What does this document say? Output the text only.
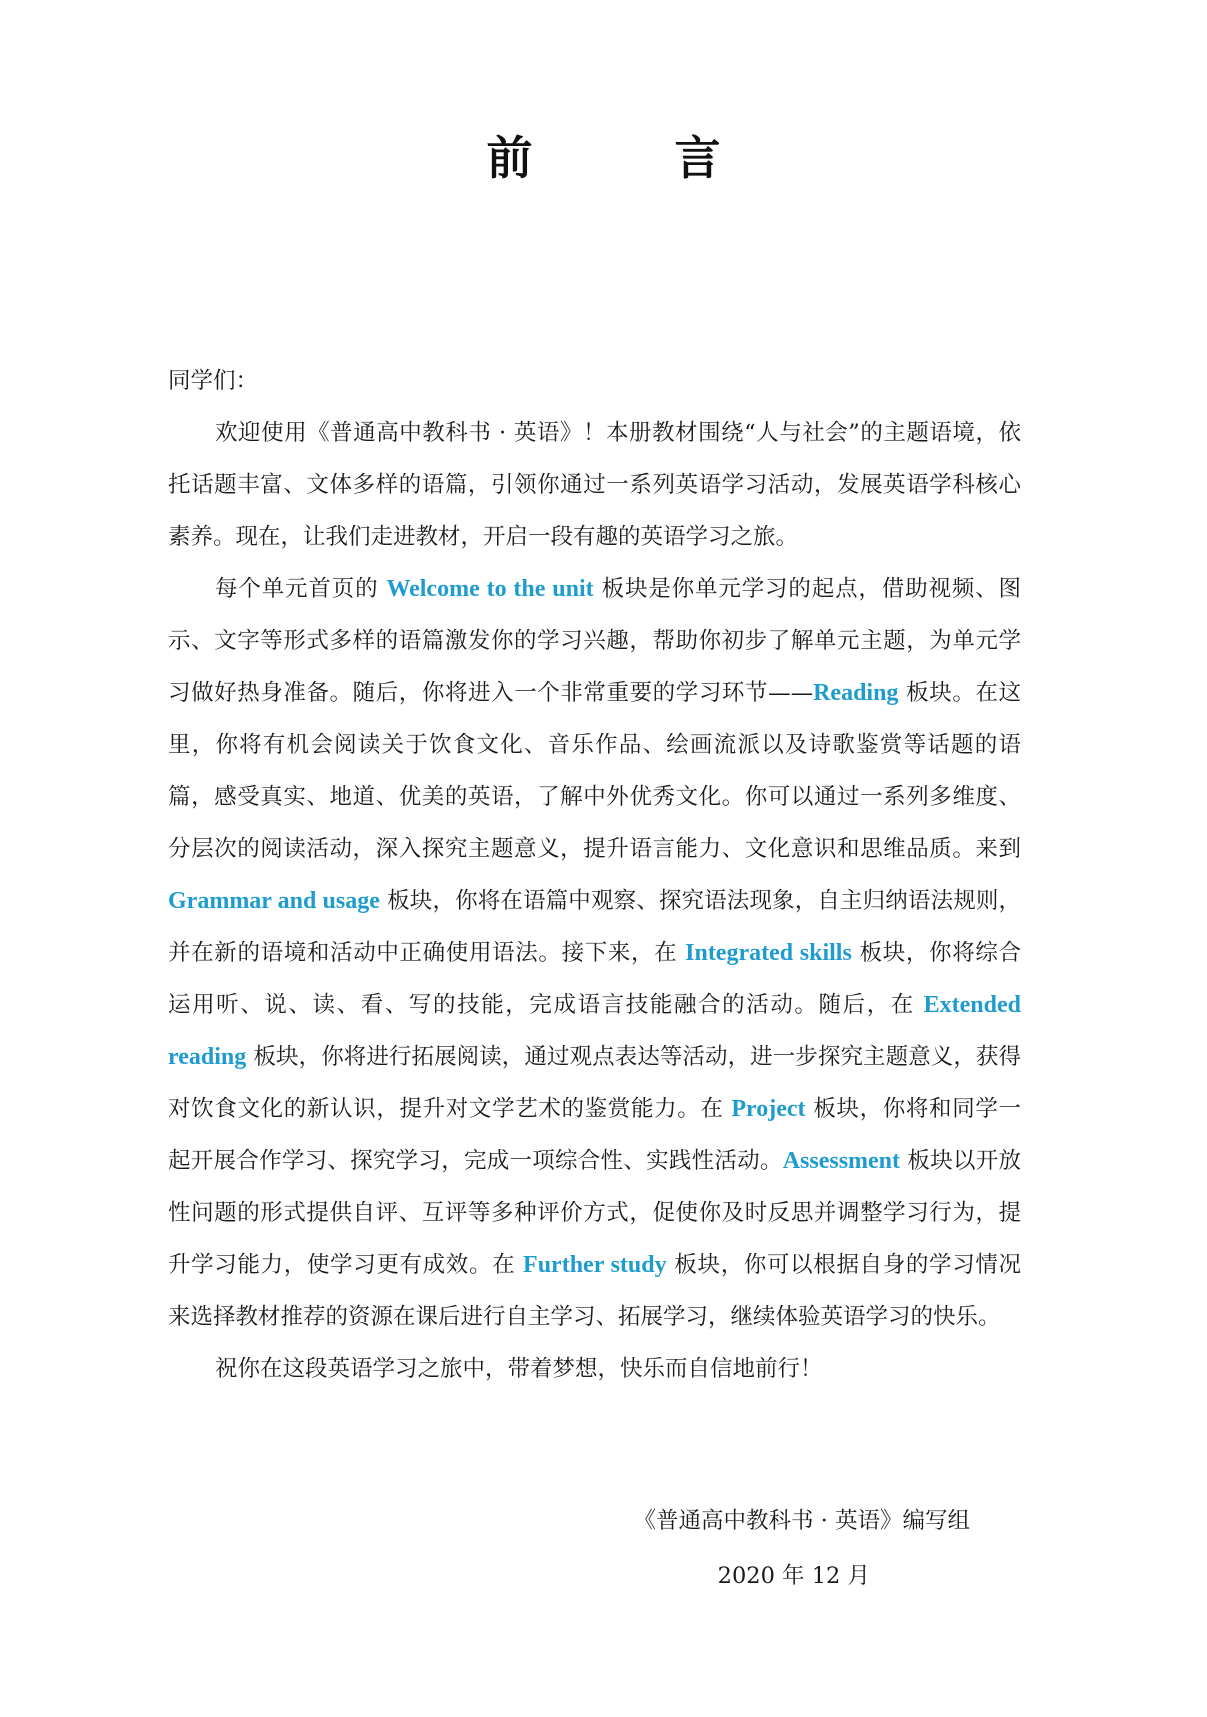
前　言

同学们：

欢迎使用《普通高中教科书 · 英语》！本册教材围绕“人与社会”的主题语境，依托话题丰富、文体多样的语篇，引领你通过一系列英语学习活动，发展英语学科核心素养。现在，让我们走进教材，开启一段有趣的英语学习之旅。

每个单元首页的 Welcome to the unit 板块是你单元学习的起点，借助视频、图示、文字等形式多样的语篇激发你的学习兴趣，帮助你初步了解单元主题，为单元学习做好热身准备。随后，你将进入一个非常重要的学习环节——Reading 板块。在这里，你将有机会阅读关于饮食文化、音乐作品、绘画流派以及诗歌鉴赏等话题的语篇，感受真实、地道、优美的英语，了解中外优秀文化。你可以通过一系列多维度、分层次的阅读活动，深入探究主题意义，提升语言能力、文化意识和思维品质。来到 Grammar and usage 板块，你将在语篇中观察、探究语法现象，自主归纳语法规则，并在新的语境和活动中正确使用语法。接下来，在 Integrated skills 板块，你将综合运用听、说、读、看、写的技能，完成语言技能融合的活动。随后，在 Extended reading 板块，你将进行拓展阅读，通过观点表达等活动，进一步探究主题意义，获得对饮食文化的新认识，提升对文学艺术的鉴赏能力。在 Project 板块，你将和同学一起开展合作学习、探究学习，完成一项综合性、实践性活动。Assessment 板块以开放性问题的形式提供自评、互评等多种评价方式，促使你及时反思并调整学习行为，提升学习能力，使学习更有成效。在 Further study 板块，你可以根据自身的学习情况来选择教材推荐的资源在课后进行自主学习、拓展学习，继续体验英语学习的快乐。

祝你在这段英语学习之旅中，带着梦想，快乐而自信地前行！

《普通高中教科书 · 英语》编写组
2020 年 12 月
